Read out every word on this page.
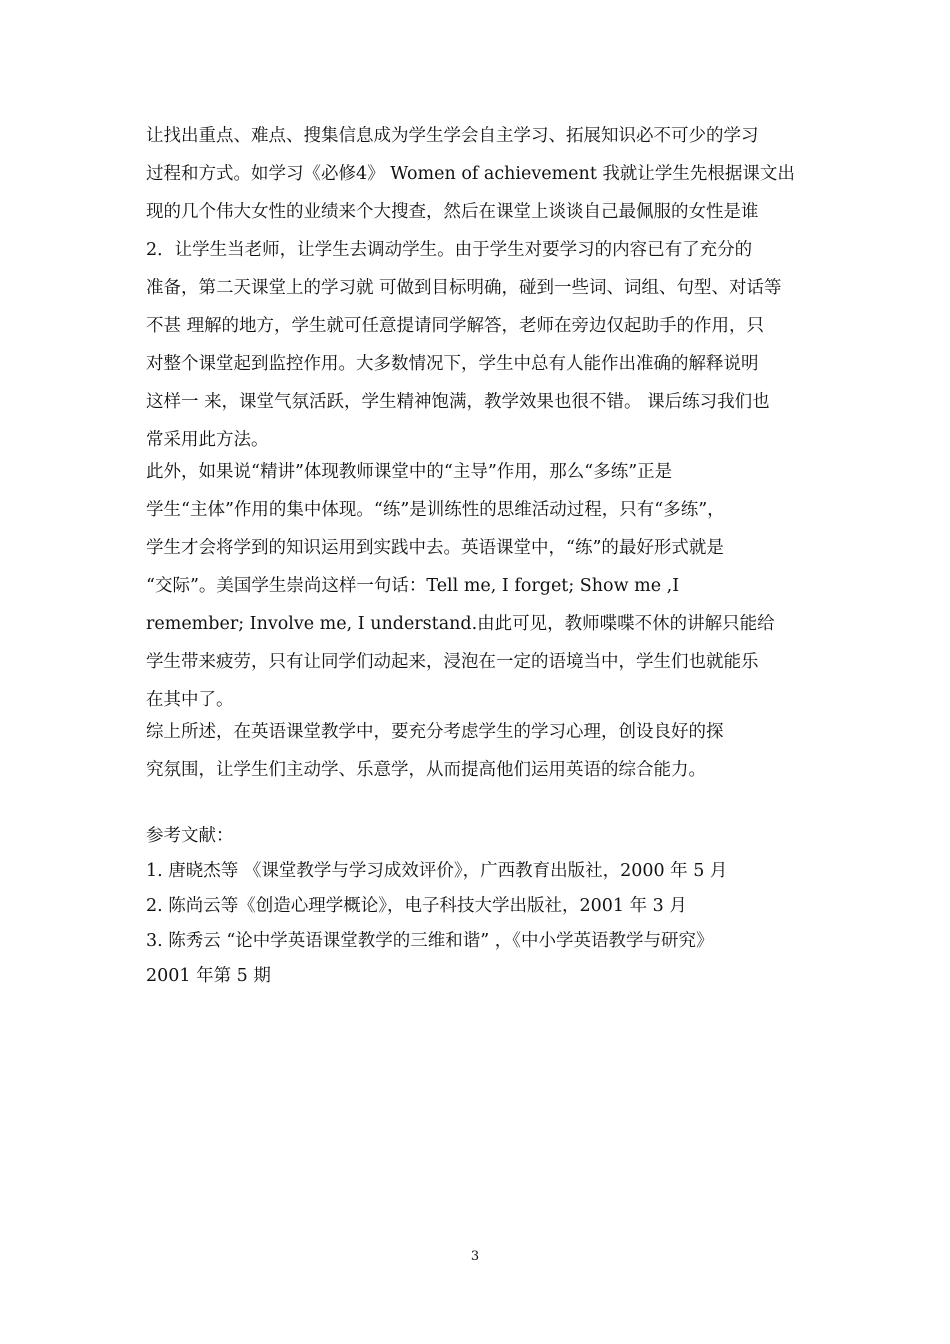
让找出重点、难点、搜集信息成为学生学会自主学习、拓展知识必不可少的学习
过程和方式。如学习《必修4》 Women of achievement 我就让学生先根据课文出
现的几个伟大女性的业绩来个大搜查，然后在课堂上谈谈自己最佩服的女性是谁
2．让学生当老师，让学生去调动学生。由于学生对要学习的内容已有了充分的
准备，第二天课堂上的学习就 可做到目标明确，碰到一些词、词组、句型、对话等
不甚 理解的地方，学生就可任意提请同学解答，老师在旁边仅起助手的作用，只
对整个课堂起到监控作用。大多数情况下，学生中总有人能作出准确的解释说明
这样一 来，课堂气氛活跃，学生精神饱满，教学效果也很不错。 课后练习我们也
常采用此方法。
此外，如果说“精讲”体现教师课堂中的“主导”作用，那么“多练”正是
学生“主体”作用的集中体现。“练”是训练性的思维活动过程，只有“多练”，
学生才会将学到的知识运用到实践中去。英语课堂中，“练”的最好形式就是
“交际”。美国学生崇尚这样一句话：Tell me, I forget; Show me ,I
remember; Involve me, I understand.由此可见，教师喋喋不休的讲解只能给
学生带来疲劳，只有让同学们动起来，浸泡在一定的语境当中，学生们也就能乐
在其中了。
综上所述，在英语课堂教学中，要充分考虑学生的学习心理，创设良好的探
究氛围，让学生们主动学、乐意学，从而提高他们运用英语的综合能力。
参考文献：
1. 唐晓杰等 《课堂教学与学习成效评价》，广西教育出版社，2000 年 5 月
2. 陈尚云等《创造心理学概论》，电子科技大学出版社，2001 年 3 月
3. 陈秀云 “论中学英语课堂教学的三维和谐” ，《中小学英语教学与研究》
2001 年第 5 期
3
